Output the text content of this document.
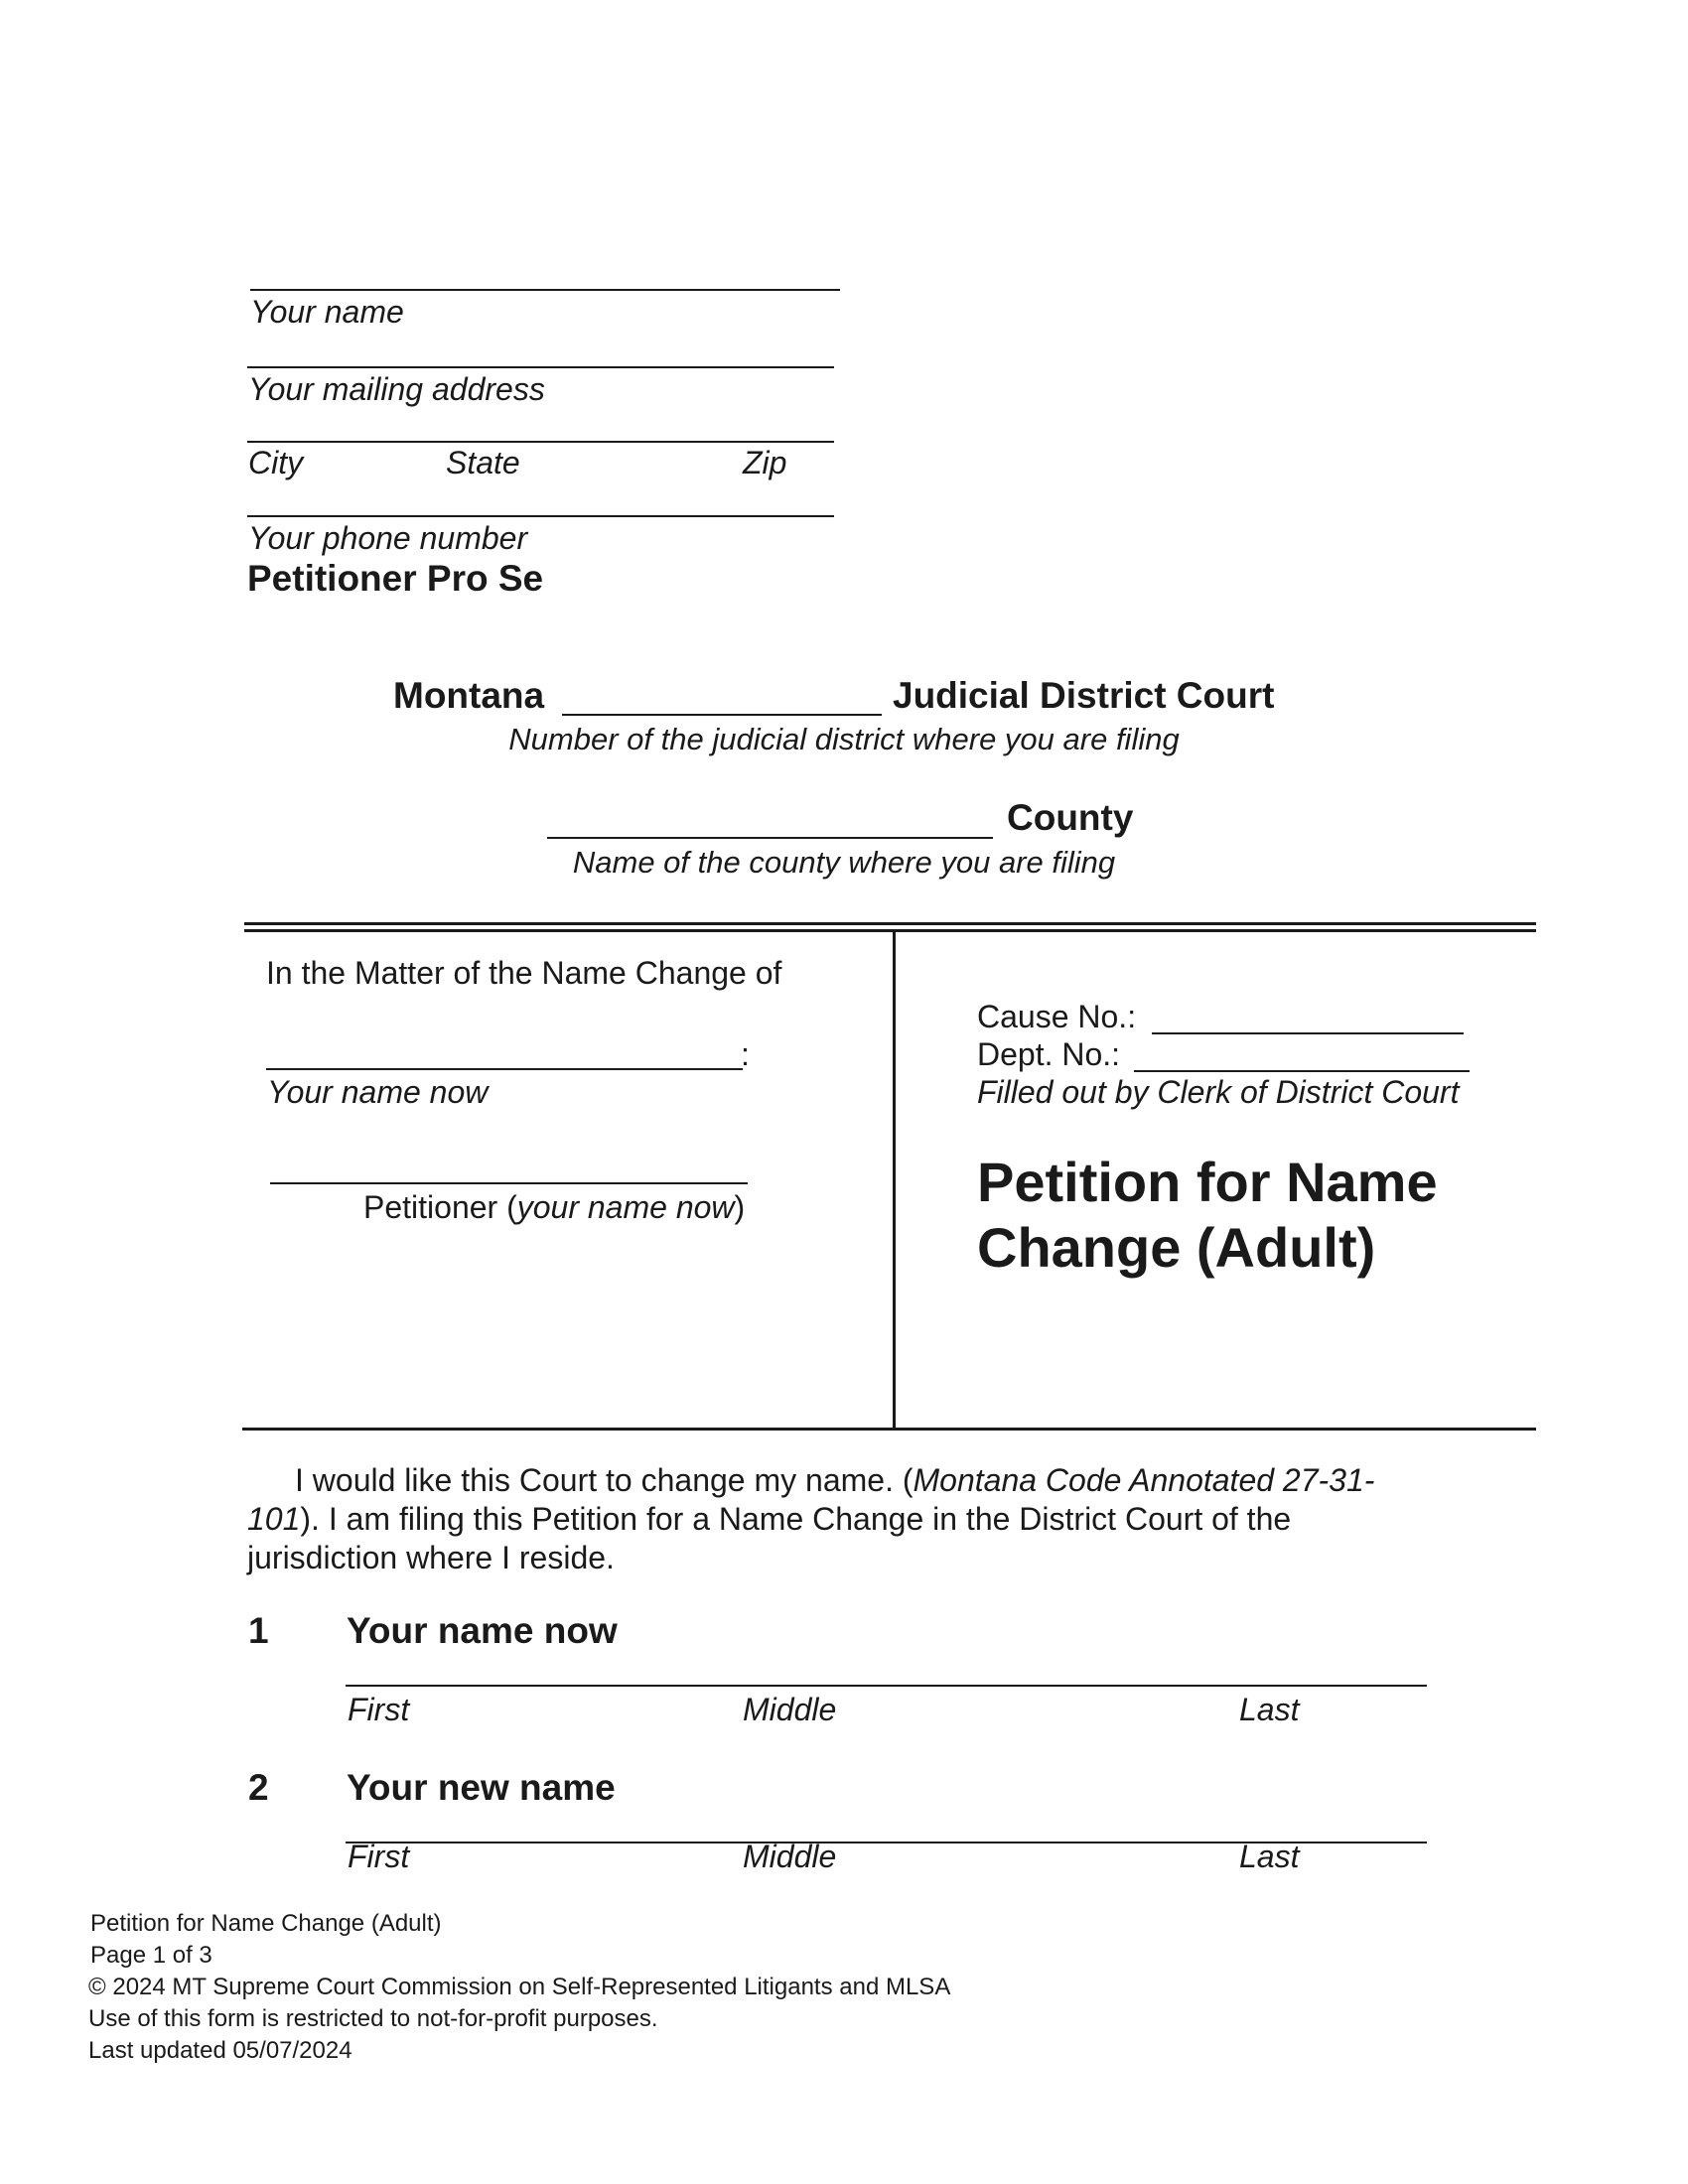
Your name
Your mailing address
City	State	Zip
Your phone number
Petitioner Pro Se
Montana	Judicial District Court
Number of the judicial district where you are filing
County
Name of the county where you are filing
In the Matter of the Name Change of
:
Your name now
Petitioner (your name now)
Cause No.:
Dept. No.:
Filled out by Clerk of District Court
Petition for Name
Change (Adult)
I would like this Court to change my name. (Montana Code Annotated 27-31-
101). I am filing this Petition for a Name Change in the District Court of the
jurisdiction where I reside.
1 Your name now
First	Middle	Last
2 Your new name
First	Middle	Last
Petition for Name Change (Adult)
Page 1 of 3
© 2024 MT Supreme Court Commission on Self-Represented Litigants and MLSA
Use of this form is restricted to not-for-profit purposes.
Last updated 05/07/2024
